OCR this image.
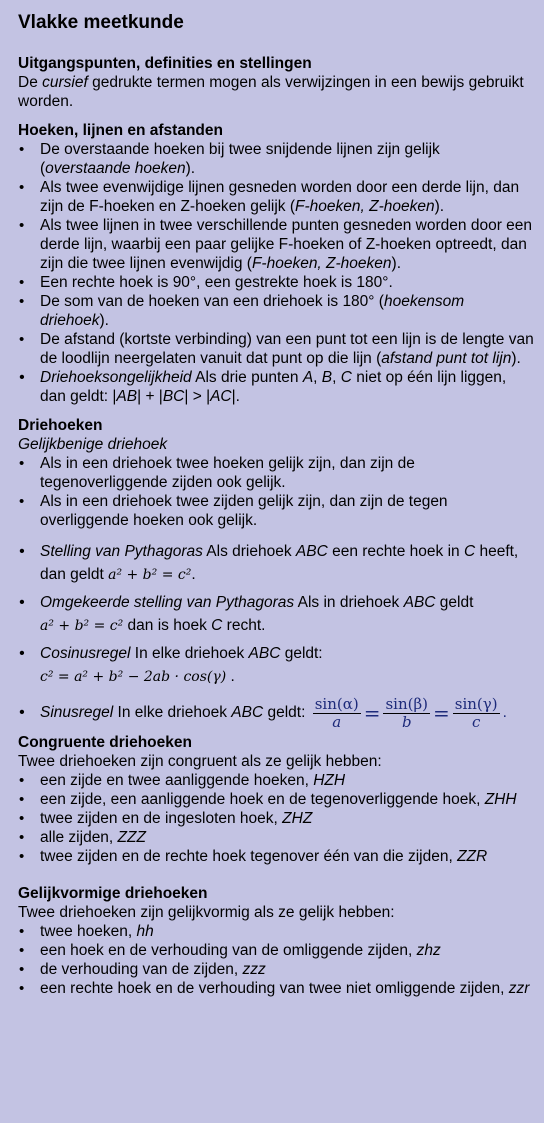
Vlakke meetkunde
Uitgangspunten, definities en stellingen
De cursief gedrukte termen mogen als verwijzingen in een bewijs gebruikt worden.
Hoeken, lijnen en afstanden
• De overstaande hoeken bij twee snijdende lijnen zijn gelijk (overstaande hoeken).
• Als twee evenwijdige lijnen gesneden worden door een derde lijn, dan zijn de F-hoeken en Z-hoeken gelijk (F-hoeken, Z-hoeken).
• Als twee lijnen in twee verschillende punten gesneden worden door een derde lijn, waarbij een paar gelijke F-hoeken of Z-hoeken optreedt, dan zijn die twee lijnen evenwijdig (F-hoeken, Z-hoeken).
• Een rechte hoek is 90°, een gestrekte hoek is 180°.
• De som van de hoeken van een driehoek is 180° (hoekensom driehoek).
• De afstand (kortste verbinding) van een punt tot een lijn is de lengte van de loodlijn neergelaten vanuit dat punt op die lijn (afstand punt tot lijn).
• Driehoeksongelijkheid Als drie punten A, B, C niet op één lijn liggen, dan geldt: |AB| + |BC| > |AC|.
Driehoeken
Gelijkbenige driehoek
• Als in een driehoek twee hoeken gelijk zijn, dan zijn de tegenoverliggende zijden ook gelijk.
• Als in een driehoek twee zijden gelijk zijn, dan zijn de tegen overliggende hoeken ook gelijk.
• Stelling van Pythagoras Als driehoek ABC een rechte hoek in C heeft, dan geldt a² + b² = c².
• Omgekeerde stelling van Pythagoras Als in driehoek ABC geldt
a² + b² = c² dan is hoek C recht.
• Cosinusregel In elke driehoek ABC geldt:
c² = a² + b² − 2ab · cos(γ) .
• Sinusregel In elke driehoek ABC geldt: $\frac{\sin(\alpha)}{a} = \frac{\sin(\beta)}{b} = \frac{\sin(\gamma)}{c}$ .
Congruente driehoeken
Twee driehoeken zijn congruent als ze gelijk hebben:
• een zijde en twee aanliggende hoeken, HZH
• een zijde, een aanliggende hoek en de tegenoverliggende hoek, ZHH
• twee zijden en de ingesloten hoek, ZHZ
• alle zijden, ZZZ
• twee zijden en de rechte hoek tegenover één van die zijden, ZZR
Gelijkvormige driehoeken
Twee driehoeken zijn gelijkvormig als ze gelijk hebben:
• twee hoeken, hh
• een hoek en de verhouding van de omliggende zijden, zhz
• de verhouding van de zijden, zzz
• een rechte hoek en de verhouding van twee niet omliggende zijden, zzr
